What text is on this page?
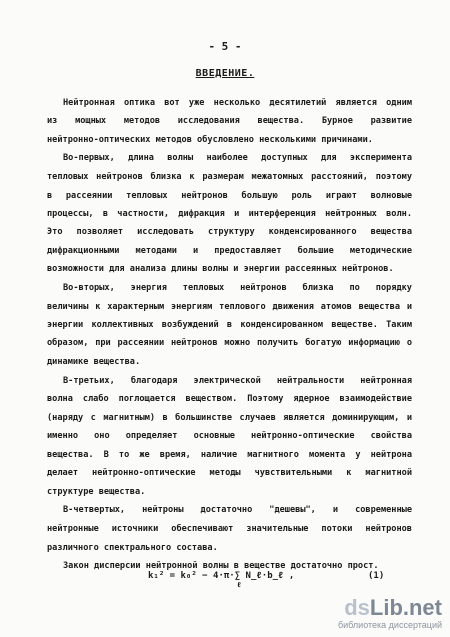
- 5 -
ВВЕДЕНИЕ.
Нейтронная оптика вот уже несколько десятилетий является одним
из мощных методов исследования вещества. Бурное развитие
нейтронно-оптических методов обусловлено несколькими причинами.
Во-первых, длина волны наиболее доступных для эксперимента
тепловых нейтронов близка к размерам межатомных расстояний, поэтому
в рассеянии тепловых нейтронов большую роль играют волновые
процессы, в частности, дифракция и интерференция нейтронных волн.
Это позволяет исследовать структуру конденсированного вещества
дифракционными методами и предоставляет большие методические
возможности для анализа длины волны и энергии рассеянных нейтронов.
Во-вторых, энергия тепловых нейтронов близка по порядку
величины к характерным энергиям теплового движения атомов вещества и
энергии коллективных возбуждений в конденсированном веществе. Таким
образом, при рассеянии нейтронов можно получить богатую информацию о
динамике вещества.
В-третьих, благодаря электрической нейтральности нейтронная
волна слабо поглощается веществом. Поэтому ядерное взаимодействие
(наряду с магнитным) в большинстве случаев является доминирующим, и
именно оно определяет основные нейтронно-оптические свойства
вещества. В то же время, наличие магнитного момента у нейтрона
делает нейтронно-оптические методы чувствительными к магнитной
структуре вещества.
В-четвертых, нейтроны достаточно "дешевы", и современные
нейтронные источники обеспечивают значительные потоки нейтронов
различного спектрального состава.
Закон дисперсии нейтронной волны в веществе достаточно прост.
k₁² = k₀² − 4·π·∑ N_ℓ·b_ℓ ,
ℓ
(1)
dsLib.net
библиотека диссертаций
